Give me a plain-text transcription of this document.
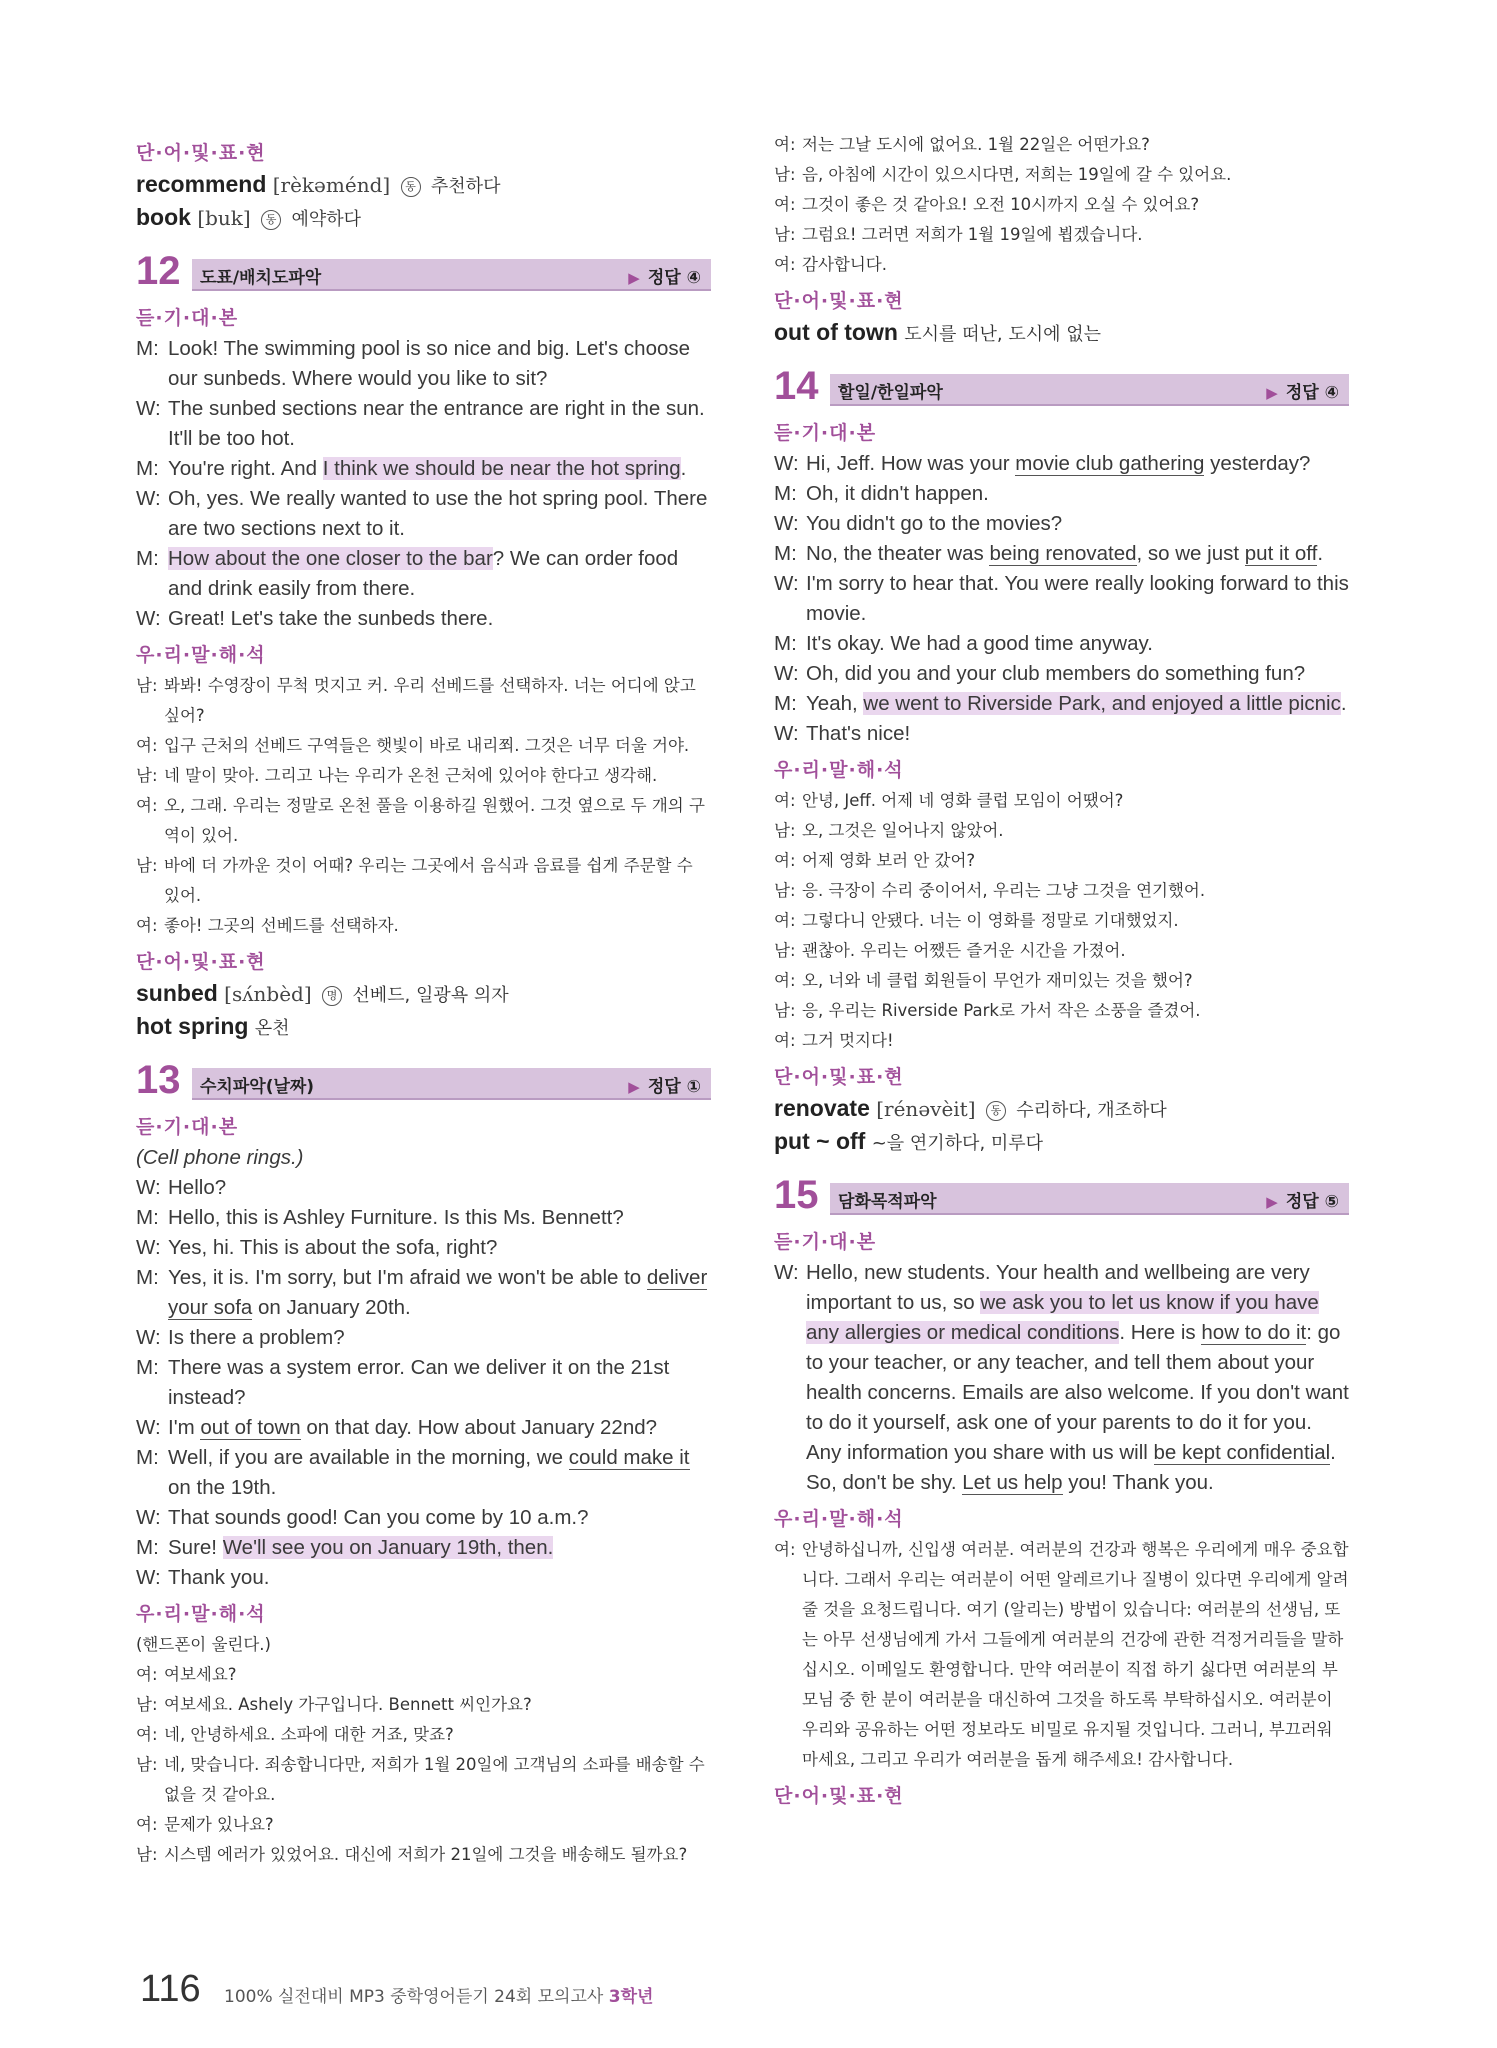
단·어·및·표·현
recommend [rèkəménd] 동 추천하다
book [buk] 동 예약하다
12 도표/배치도파악	▶ 정답 ④
듣·기·대·본
M: Look! The swimming pool is so nice and big. Let's choose our sunbeds. Where would you like to sit?
W: The sunbed sections near the entrance are right in the sun. It'll be too hot.
M: You're right. And I think we should be near the hot spring.
W: Oh, yes. We really wanted to use the hot spring pool. There are two sections next to it.
M: How about the one closer to the bar? We can order food and drink easily from there.
W: Great! Let's take the sunbeds there.
우·리·말·해·석
남: 봐봐! 수영장이 무척 멋지고 커. 우리 선베드를 선택하자. 너는 어디에 앉고 싶어?
여: 입구 근처의 선베드 구역들은 햇빛이 바로 내리쬐. 그것은 너무 더울 거야.
남: 네 말이 맞아. 그리고 나는 우리가 온천 근처에 있어야 한다고 생각해.
여: 오, 그래. 우리는 정말로 온천 풀을 이용하길 원했어. 그것 옆으로 두 개의 구역이 있어.
남: 바에 더 가까운 것이 어때? 우리는 그곳에서 음식과 음료를 쉽게 주문할 수 있어.
여: 좋아! 그곳의 선베드를 선택하자.
단·어·및·표·현
sunbed [sʌ́nbèd] 명 선베드, 일광욕 의자
hot spring 온천
13 수치파악(날짜)	▶ 정답 ①
듣·기·대·본
(Cell phone rings.)
W: Hello?
M: Hello, this is Ashley Furniture. Is this Ms. Bennett?
W: Yes, hi. This is about the sofa, right?
M: Yes, it is. I'm sorry, but I'm afraid we won't be able to deliver your sofa on January 20th.
W: Is there a problem?
M: There was a system error. Can we deliver it on the 21st instead?
W: I'm out of town on that day. How about January 22nd?
M: Well, if you are available in the morning, we could make it on the 19th.
W: That sounds good! Can you come by 10 a.m.?
M: Sure! We'll see you on January 19th, then.
W: Thank you.
우·리·말·해·석
(핸드폰이 울린다.)
여: 여보세요?
남: 여보세요. Ashely 가구입니다. Bennett 씨인가요?
여: 네, 안녕하세요. 소파에 대한 거죠, 맞죠?
남: 네, 맞습니다. 죄송합니다만, 저희가 1월 20일에 고객님의 소파를 배송할 수 없을 것 같아요.
여: 문제가 있나요?
남: 시스템 에러가 있었어요. 대신에 저희가 21일에 그것을 배송해도 될까요?
여: 저는 그날 도시에 없어요. 1월 22일은 어떤가요?
남: 음, 아침에 시간이 있으시다면, 저희는 19일에 갈 수 있어요.
여: 그것이 좋은 것 같아요! 오전 10시까지 오실 수 있어요?
남: 그럼요! 그러면 저희가 1월 19일에 뵙겠습니다.
여: 감사합니다.
단·어·및·표·현
out of town 도시를 떠난, 도시에 없는
14 할일/한일파악	▶ 정답 ④
듣·기·대·본
W: Hi, Jeff. How was your movie club gathering yesterday?
M: Oh, it didn't happen.
W: You didn't go to the movies?
M: No, the theater was being renovated, so we just put it off.
W: I'm sorry to hear that. You were really looking forward to this movie.
M: It's okay. We had a good time anyway.
W: Oh, did you and your club members do something fun?
M: Yeah, we went to Riverside Park, and enjoyed a little picnic.
W: That's nice!
우·리·말·해·석
여: 안녕, Jeff. 어제 네 영화 클럽 모임이 어땠어?
남: 오, 그것은 일어나지 않았어.
여: 어제 영화 보러 안 갔어?
남: 응. 극장이 수리 중이어서, 우리는 그냥 그것을 연기했어.
여: 그렇다니 안됐다. 너는 이 영화를 정말로 기대했었지.
남: 괜찮아. 우리는 어쨌든 즐거운 시간을 가졌어.
여: 오, 너와 네 클럽 회원들이 무언가 재미있는 것을 했어?
남: 응, 우리는 Riverside Park로 가서 작은 소풍을 즐겼어.
여: 그거 멋지다!
단·어·및·표·현
renovate [rénəvèit] 동 수리하다, 개조하다
put ~ off ~을 연기하다, 미루다
15 담화목적파악	▶ 정답 ⑤
듣·기·대·본
W: Hello, new students. Your health and wellbeing are very important to us, so we ask you to let us know if you have any allergies or medical conditions. Here is how to do it: go to your teacher, or any teacher, and tell them about your health concerns. Emails are also welcome. If you don't want to do it yourself, ask one of your parents to do it for you. Any information you share with us will be kept confidential. So, don't be shy. Let us help you! Thank you.
우·리·말·해·석
여: 안녕하십니까, 신입생 여러분. 여러분의 건강과 행복은 우리에게 매우 중요합니다. 그래서 우리는 여러분이 어떤 알레르기나 질병이 있다면 우리에게 알려줄 것을 요청드립니다. 여기 (알리는) 방법이 있습니다: 여러분의 선생님, 또는 아무 선생님에게 가서 그들에게 여러분의 건강에 관한 걱정거리들을 말하십시오. 이메일도 환영합니다. 만약 여러분이 직접 하기 싫다면 여러분의 부모님 중 한 분이 여러분을 대신하여 그것을 하도록 부탁하십시오. 여러분이 우리와 공유하는 어떤 정보라도 비밀로 유지될 것입니다. 그러니, 부끄러워 마세요, 그리고 우리가 여러분을 돕게 해주세요! 감사합니다.
단·어·및·표·현
116 100% 실전대비 MP3 중학영어듣기 24회 모의고사 3학년
